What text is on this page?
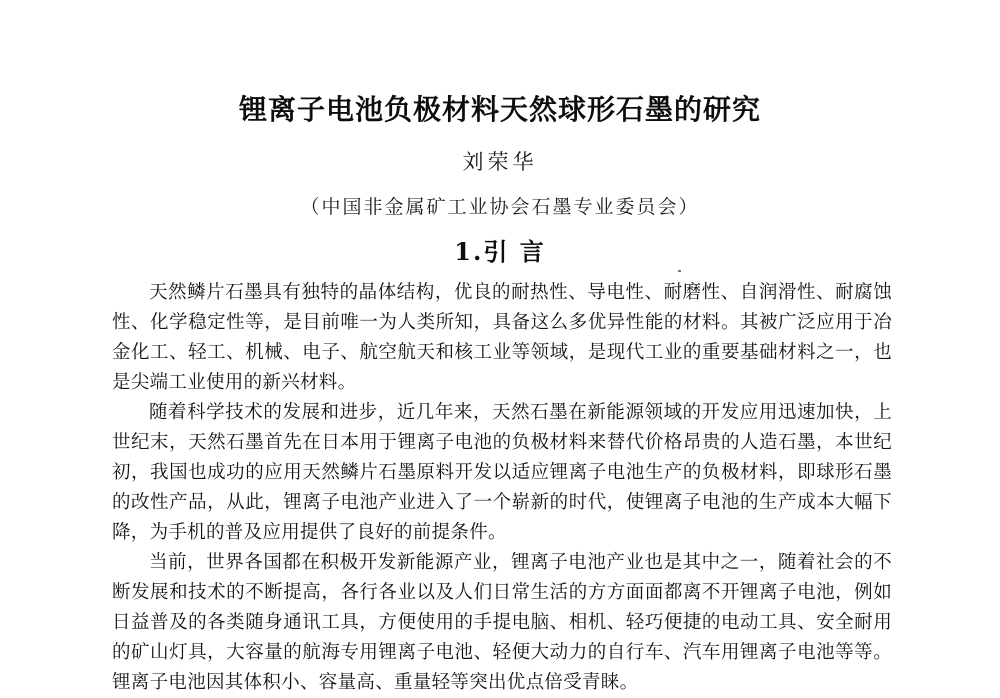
锂离子电池负极材料天然球形石墨的研究
刘荣华
（中国非金属矿工业协会石墨专业委员会）
1.引 言

天然鳞片石墨具有独特的晶体结构，优良的耐热性、导电性、耐磨性、自润滑性、耐腐蚀性、化学稳定性等，是目前唯一为人类所知，具备这么多优异性能的材料。其被广泛应用于冶金化工、轻工、机械、电子、航空航天和核工业等领域，是现代工业的重要基础材料之一，也是尖端工业使用的新兴材料。

随着科学技术的发展和进步，近几年来，天然石墨在新能源领域的开发应用迅速加快，上世纪末，天然石墨首先在日本用于锂离子电池的负极材料来替代价格昂贵的人造石墨，本世纪初，我国也成功的应用天然鳞片石墨原料开发以适应锂离子电池生产的负极材料，即球形石墨的改性产品，从此，锂离子电池产业进入了一个崭新的时代，使锂离子电池的生产成本大幅下降，为手机的普及应用提供了良好的前提条件。

当前，世界各国都在积极开发新能源产业，锂离子电池产业也是其中之一，随着社会的不断发展和技术的不断提高，各行各业以及人们日常生活的方方面面都离不开锂离子电池，例如日益普及的各类随身通讯工具，方便使用的手提电脑、相机、轻巧便捷的电动工具、安全耐用的矿山灯具，大容量的航海专用锂离子电池、轻便大动力的自行车、汽车用锂离子电池等等。锂离子电池因其体积小、容量高、重量轻等突出优点倍受青睐。
